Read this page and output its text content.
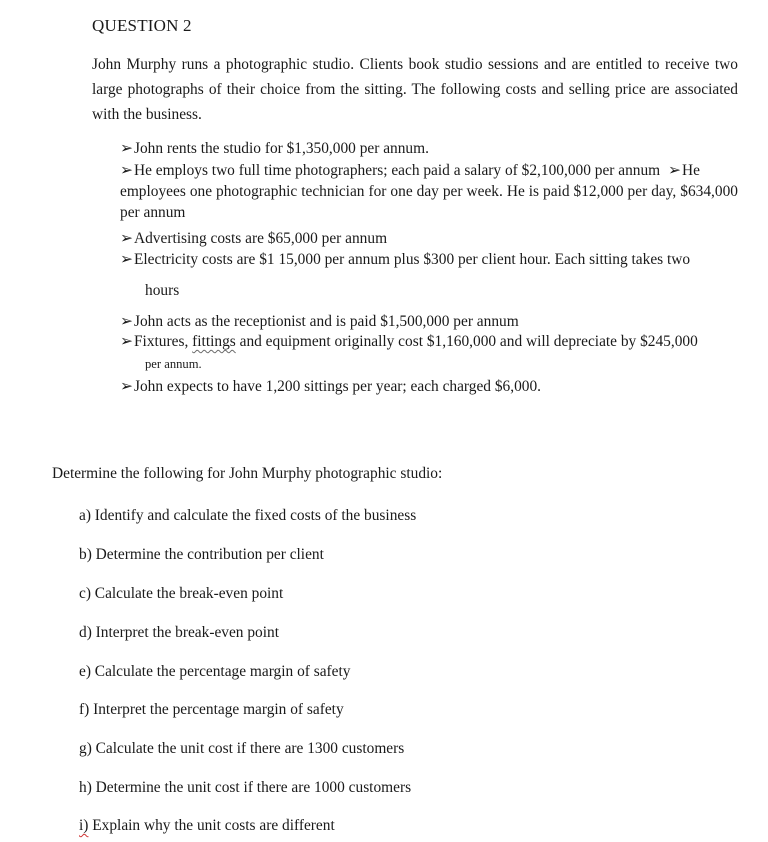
QUESTION 2

John Murphy runs a photographic studio. Clients book studio sessions and are entitled to receive two large photographs of their choice from the sitting. The following costs and selling price are associated with the business.

➢John rents the studio for $1,350,000 per annum.
➢He employs two full time photographers; each paid a salary of $2,100,000 per annum ➢He
employees one photographic technician for one day per week. He is paid $12,000 per day, $634,000 per annum
➢Advertising costs are $65,000 per annum
➢Electricity costs are $1 15,000 per annum plus $300 per client hour. Each sitting takes two
hours
➢John acts as the receptionist and is paid $1,500,000 per annum
➢Fixtures, fittings and equipment originally cost $1,160,000 and will depreciate by $245,000
per annum.
➢John expects to have 1,200 sittings per year; each charged $6,000.
Determine the following for John Murphy photographic studio:
a) Identify and calculate the fixed costs of the business
b) Determine the contribution per client
c) Calculate the break-even point
d) Interpret the break-even point
e) Calculate the percentage margin of safety
f) Interpret the percentage margin of safety
g) Calculate the unit cost if there are 1300 customers
h) Determine the unit cost if there are 1000 customers
i) Explain why the unit costs are different
